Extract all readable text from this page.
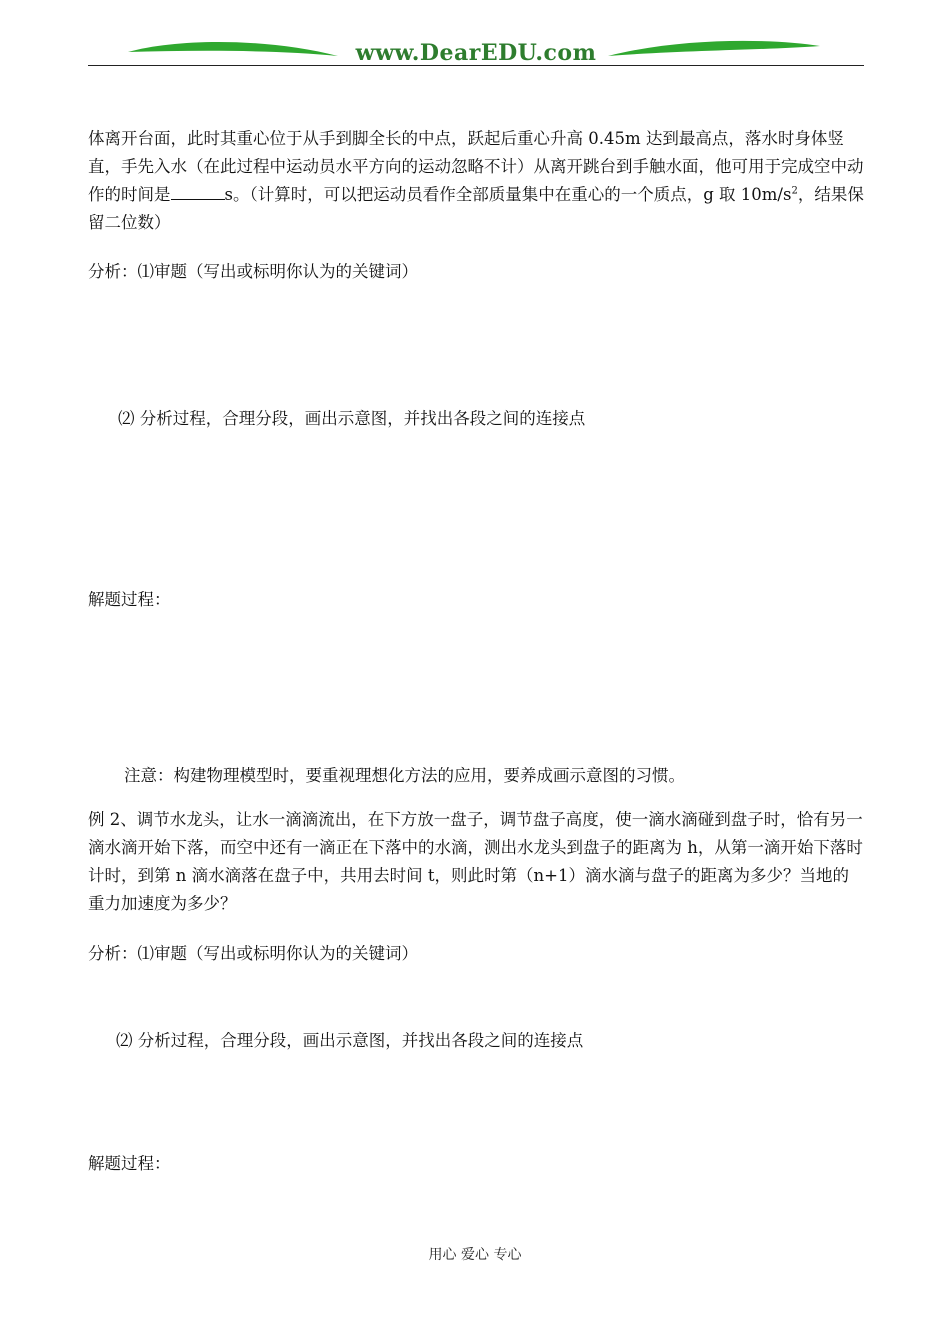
www.DearEDU.com

体离开台面，此时其重心位于从手到脚全长的中点，跃起后重心升高 0.45m 达到最高点，落水时身体竖直，手先入水（在此过程中运动员水平方向的运动忽略不计）从离开跳台到手触水面，他可用于完成空中动作的时间是	s。（计算时，可以把运动员看作全部质量集中在重心的一个质点，g 取 $10m/s^2$，结果保留二位数）

分析：⑴审题（写出或标明你认为的关键词）

⑵ 分析过程，合理分段，画出示意图，并找出各段之间的连接点

解题过程：

注意：构建物理模型时，要重视理想化方法的应用，要养成画示意图的习惯。

例 2、调节水龙头，让水一滴滴流出，在下方放一盘子，调节盘子高度，使一滴水滴碰到盘子时，恰有另一滴水滴开始下落，而空中还有一滴正在下落中的水滴，测出水龙头到盘子的距离为 h，从第一滴开始下落时计时，到第 n 滴水滴落在盘子中，共用去时间 t，则此时第（n+1）滴水滴与盘子的距离为多少？当地的重力加速度为多少？

分析：⑴审题（写出或标明你认为的关键词）

⑵ 分析过程，合理分段，画出示意图，并找出各段之间的连接点

解题过程：

用心 爱心 专心
